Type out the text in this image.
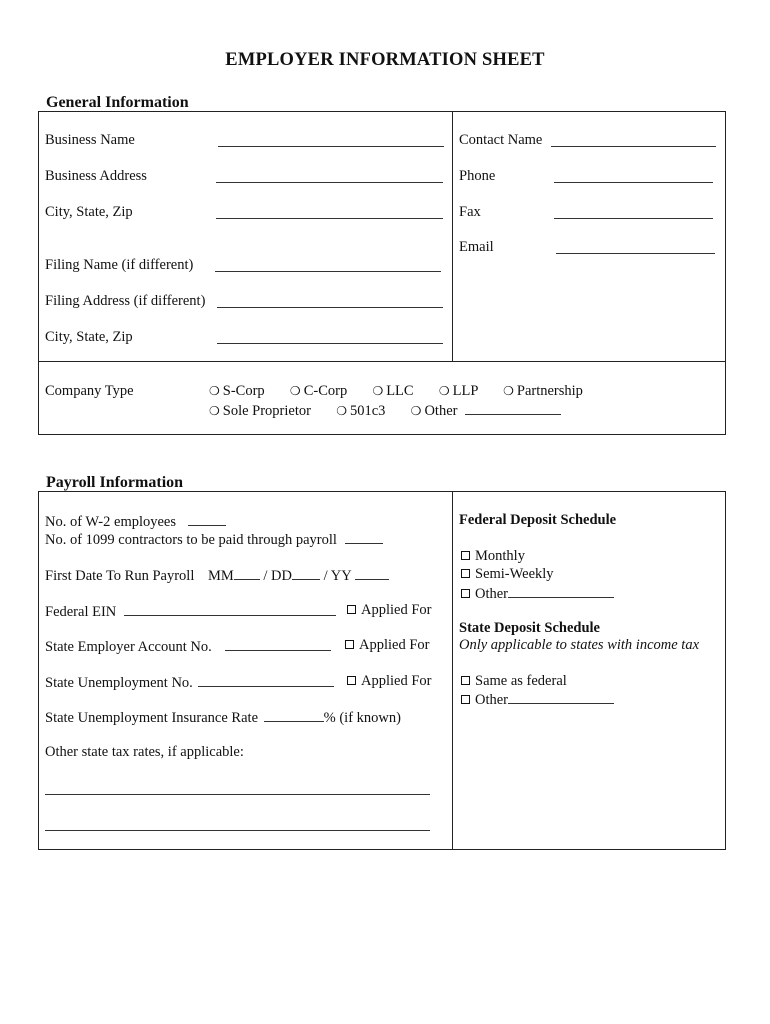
EMPLOYER INFORMATION SHEET
General Information
Business Name
Business Address
City, State, Zip
Filing Name (if different)
Filing Address (if different)
City, State, Zip
Contact Name
Phone
Fax
Email
Company Type	❍ S-Corp ❍ C-Corp ❍ LLC ❍ LLP ❍ Partnership
❍ Sole Proprietor ❍ 501c3 ❍ Other
Payroll Information
No. of W-2 employees
No. of 1099 contractors to be paid through payroll
First Date To Run Payroll MM / DD / YY
Federal EIN	Applied For
State Employer Account No.	Applied For
State Unemployment No.	Applied For
State Unemployment Insurance Rate	% (if known)
Other state tax rates, if applicable:
Federal Deposit Schedule
Monthly
Semi-Weekly
Other
State Deposit Schedule
Only applicable to states with income tax
Same as federal
Other
